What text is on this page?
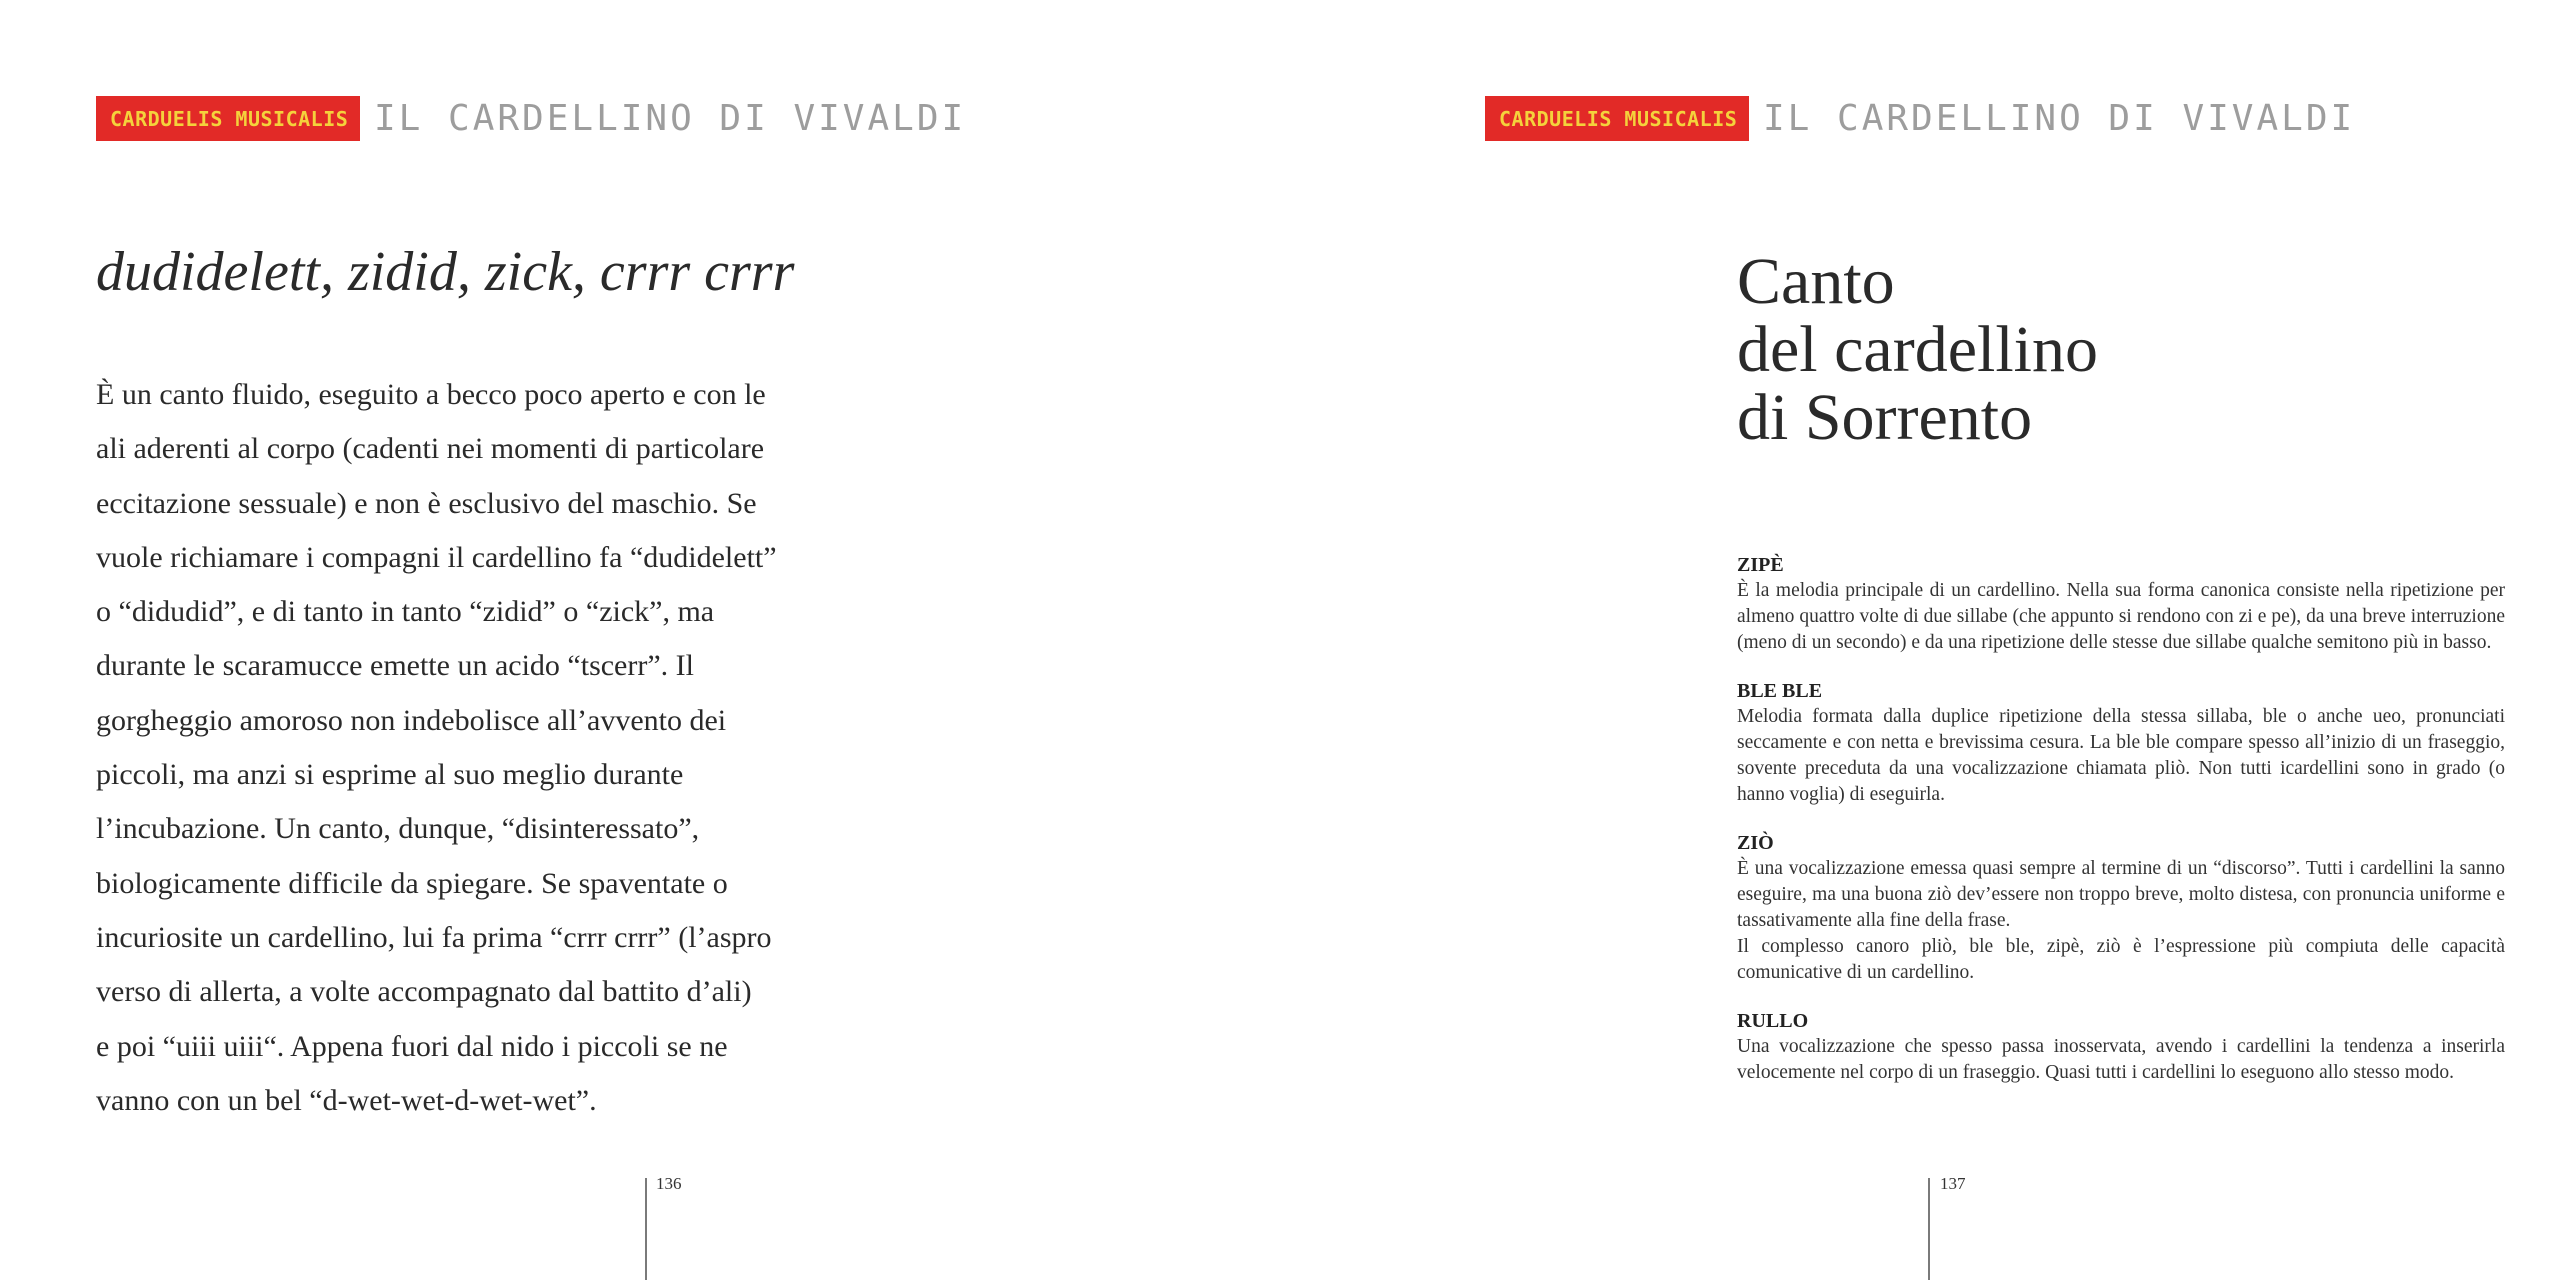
CARDUELIS MUSICALIS IL CARDELLINO DI VIVALDI
dudidelett, zidid, zick, crrr crrr
È un canto fluido, eseguito a becco poco aperto e con le
ali aderenti al corpo (cadenti nei momenti di particolare
eccitazione sessuale) e non è esclusivo del maschio. Se
vuole richiamare i compagni il cardellino fa “dudidelett”
o “didudid”, e di tanto in tanto “zidid” o “zick”, ma
durante le scaramucce emette un acido “tscerr”. Il
gorgheggio amoroso non indebolisce all’avvento dei
piccoli, ma anzi si esprime al suo meglio durante
l’incubazione. Un canto, dunque, “disinteressato”,
biologicamente difficile da spiegare. Se spaventate o
incuriosite un cardellino, lui fa prima “crrr crrr” (l’aspro
verso di allerta, a volte accompagnato dal battito d’ali)
e poi “uiii uiii“. Appena fuori dal nido i piccoli se ne
vanno con un bel “d-wet-wet-d-wet-wet”.
136
CARDUELIS MUSICALIS IL CARDELLINO DI VIVALDI
Canto
del cardellino
di Sorrento

ZIPÈ

È la melodia principale di un cardellino. Nella sua forma canonica consiste nella ripetizione per almeno quattro volte di due sillabe (che appunto si rendono con zi e pe), da una breve interruzione (meno di un secondo) e da una ripetizione delle stesse due sillabe qualche semitono più in basso.

BLE BLE

Melodia formata dalla duplice ripetizione della stessa sillaba, ble o anche ueo, pronunciati seccamente e con netta e brevissima cesura. La ble ble compare spesso all’inizio di un fraseggio, sovente preceduta da una vocalizzazione chiamata pliò. Non tutti icardellini sono in grado (o hanno voglia) di eseguirla.

ZIÒ

È una vocalizzazione emessa quasi sempre al termine di un “discorso”. Tutti i cardellini la sanno eseguire, ma una buona ziò dev’essere non troppo breve, molto distesa, con pronuncia uniforme e tassativamente alla fine della frase.

Il complesso canoro pliò, ble ble, zipè, ziò è l’espressione più compiuta delle capacità comunicative di un cardellino.

RULLO

Una vocalizzazione che spesso passa inosservata, avendo i cardellini la tendenza a inserirla velocemente nel corpo di un fraseggio. Quasi tutti i cardellini lo eseguono allo stesso modo.

137
